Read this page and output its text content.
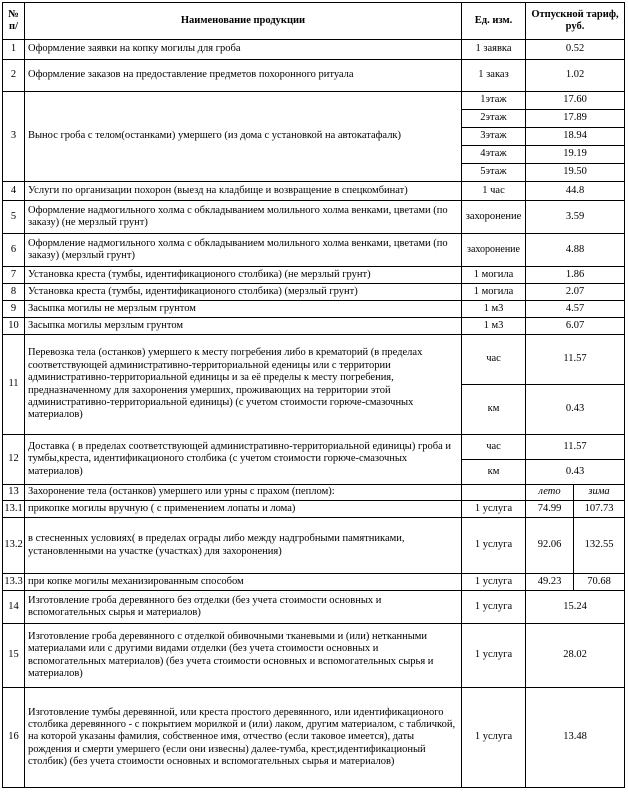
№ п/	Наименование продукции	Ед. изм.	Отпускной тариф, руб.	
1	Оформление заявки на копку могилы для гроба	1 заявка	0.52	
2	Оформление заказов на предоставление предметов похоронного ритуала	1 заказ	1.02	
3	Вынос гроба с телом(останками) умершего (из дома с установкой на автокатафалк)	1этаж	17.60	
		2этаж	17.89	
		3этаж	18.94	
		4этаж	19.19	
		5этаж	19.50	
4	Услуги по организации похорон (выезд на кладбище и возвращение в спецкомбинат)	1 час	44.8	
5	Оформление надмогильного холма с обкладыванием молильного холма венками, цветами (по заказу) (не мерзлый грунт)	захоронение	3.59	
6	Оформление надмогильного холма с обкладыванием молильного холма венками, цветами (по заказу) (мерзлый грунт)	захоронение	4.88	
7	Установка креста (тумбы, идентификационого столбика) (не мерзлый грунт)	1 могила	1.86	
8	Установка креста (тумбы, идентификационого столбика) (мерзлый грунт)	1 могила	2.07	
9	Засыпка могилы не мерзлым грунтом	1 м3	4.57	
10	Засыпка могилы мерзлым грунтом	1 м3	6.07	
11	Перевозка тела (останков) умершего к месту погребения либо в крематорий (в пределах соответствующей административно-территориальной еденицы или с территории административно-территориальной единицы и за её пределы к месту погребения, предназначенному для захоронения умерших, проживающих на территории этой административно-территориальной единицы) (с учетом стоимости горюче-смазочных материалов)	час	11.57	
		км	0.43	
12	Доставка ( в пределах соответствующей административно-территориальной единицы) гроба и тумбы,креста, идентификационого столбика (с учетом стоимости горюче-смазочных материалов)	час	11.57	
		км	0.43	
13	Захоронение тела (останков) умершего или урны с прахом (пеплом):		лето	зима
13.1	прикопке могилы вручную ( с применением лопаты и лома)	1 услуга	74.99	107.73
13.2	в стесненных условиях( в пределах ограды либо между надгробными памятниками, установленными на участке (участках) для захоронения)	1 услуга	92.06	132.55
13.3	при копке могилы механизированным способом	1 услуга	49.23	70.68
14	Изготовление гроба деревянного без отделки (без учета стоимости основных и вспомогательных сырья и материалов)	1 услуга	15.24	
15	Изготовление гроба деревянного с отделкой обивочными тканевыми и (или) нетканными материалами или с другими видами отделки (без учета стоимости основных и вспомогательных материалов) (без учета стоимости основных и вспомогательных сырья и материалов)	1 услуга	28.02	
16	Изготовление тумбы деревянной, или креста простого деревянного, или идентификационого столбика деревянного - с покрытием морилкой и (или) лаком, другим материалом, с табличкой, на которой указаны фамилия, собственное имя, отчество (если таковое имеется), даты рождения и смерти умершего (если они извесны) далее-тумба, крест,идентификационый столбик) (без учета стоимости основных и вспомогательных сырья и материалов)	1 услуга	13.48	
